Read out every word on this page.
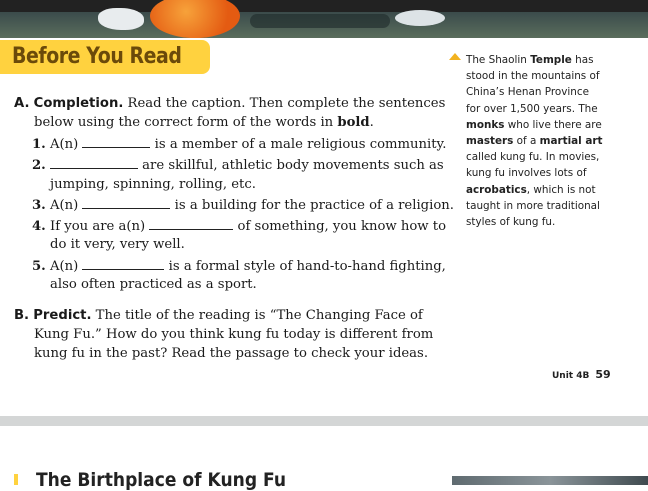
Before You Read	The Shaolin Temple has
stood in the mountains of
China’s Henan Province
for over 1,500 years. The
monks who live there are
masters of a martial art
called kung fu. In movies,
kung fu involves lots of
acrobatics, which is not
taught in more traditional
styles of kung fu.
A. Completion. Read the caption. Then complete the sentences
below using the correct form of the words in bold.
1. A(n)	is a member of a male religious community.
2.	are skillful, athletic body movements such as
jumping, spinning, rolling, etc.
3. A(n)	is a building for the practice of a religion.
4. If you are a(n)	of something, you know how to
do it very, very well.
5. A(n)	is a formal style of hand-to-hand fighting,
also often practiced as a sport.
B. Predict. The title of the reading is “The Changing Face of
Kung Fu.” How do you think kung fu today is different from
kung fu in the past? Read the passage to check your ideas.
Unit 4B 59
The Birthplace of Kung Fu
